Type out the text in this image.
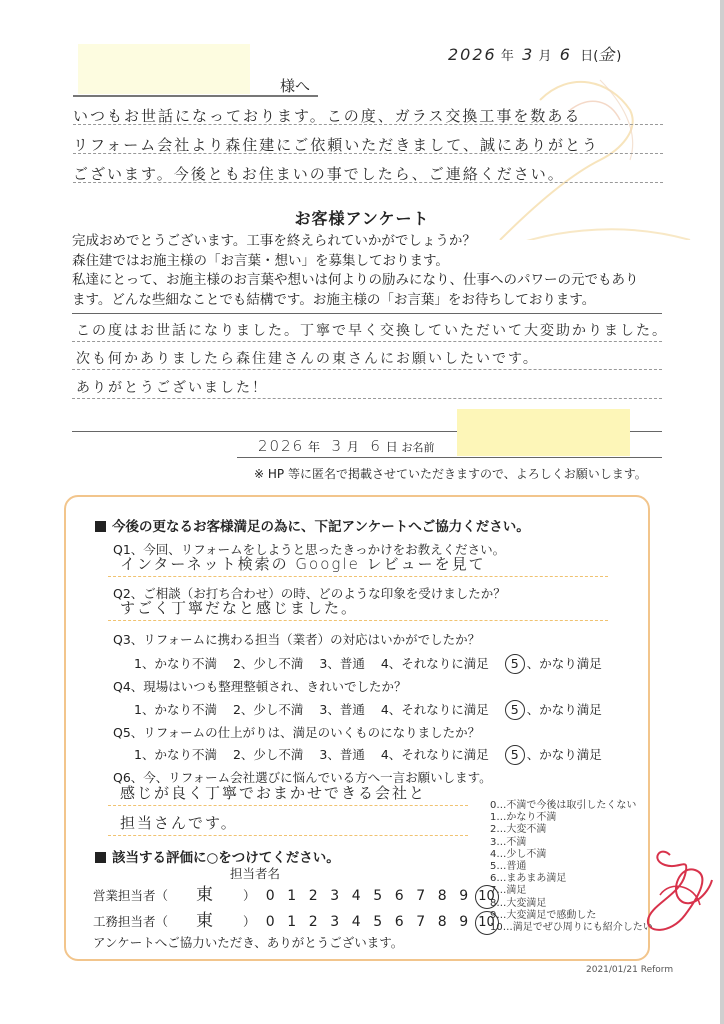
様へ
2026 年 3 月 6 日(金)
いつもお世話になっております。この度、ガラス交換工事を数ある
リフォーム会社より森住建にご依頼いただきまして、誠にありがとう
ございます。今後ともお住まいの事でしたら、ご連絡ください。
お客様アンケート
完成おめでとうございます。工事を終えられていかがでしょうか？
森住建ではお施主様の「お言葉・想い」を募集しております。
私達にとって、お施主様のお言葉や想いは何よりの励みになり、仕事へのパワーの元でもあり
ます。どんな些細なことでも結構です。お施主様の「お言葉」をお待ちしております。
この度はお世話になりました。丁寧で早く交換していただいて大変助かりました。
次も何かありましたら森住建さんの東さんにお願いしたいです。
ありがとうございました！
2026 年 3 月 6 日 お名前
※ HP 等に匿名で掲載させていただきますので、よろしくお願いします。
今後の更なるお客様満足の為に、下記アンケートへご協力ください。
Q1、今回、リフォームをしようと思ったきっかけをお教えください。
インターネット検索の Google レビューを見て
Q2、ご相談（お打ち合わせ）の時、どのような印象を受けましたか？
すごく丁寧だなと感じました。
Q3、リフォームに携わる担当（業者）の対応はいかがでしたか？
1、かなり不満 2、少し不満 3、普通 4、それなりに満足 5 、かなり満足
Q4、現場はいつも整理整頓され、きれいでしたか？
1、かなり不満 2、少し不満 3、普通 4、それなりに満足 5 、かなり満足
Q5、リフォームの仕上がりは、満足のいくものになりましたか？
1、かなり不満 2、少し不満 3、普通 4、それなりに満足 5 、かなり満足
Q6、今、リフォーム会社選びに悩んでいる方へ一言お願いします。
感じが良く丁寧でおまかせできる会社と
担当さんです。
該当する評価に○をつけてください。
担当者名
営業担当者（ 東 ） 0 1 2 3 4 5 6 7 8 9 10
工務担当者（ 東 ） 0 1 2 3 4 5 6 7 8 9 10
0…不満で今後は取引したくない
1…かなり不満
2…大変不満
3…不満
4…少し不満
5…普通
6…まあまあ満足
7…満足
8…大変満足
9…大変満足で感動した
10…満足でぜひ周りにも紹介したい
アンケートへご協力いただき、ありがとうございます。
2021/01/21 Reform
